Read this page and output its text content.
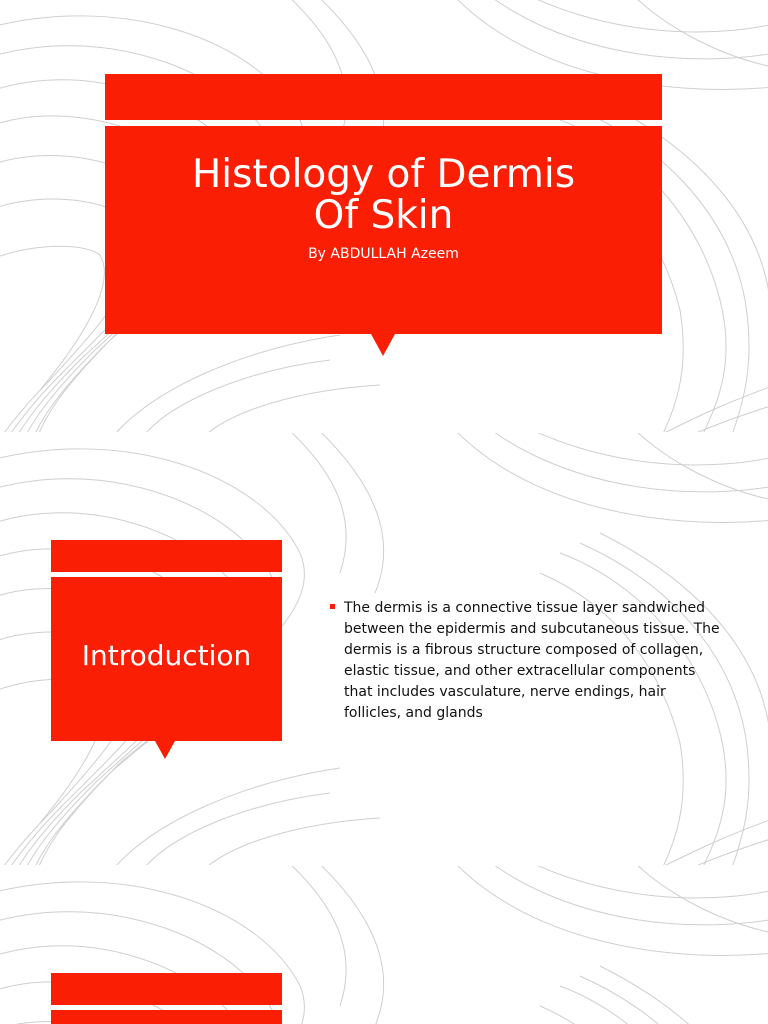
Histology of Dermis
Of Skin
By ABDULLAH Azeem
Introduction
The dermis is a connective tissue layer sandwiched between the epidermis and subcutaneous tissue. The dermis is a fibrous structure composed of collagen, elastic tissue, and other extracellular components that includes vasculature, nerve endings, hair follicles, and glands
